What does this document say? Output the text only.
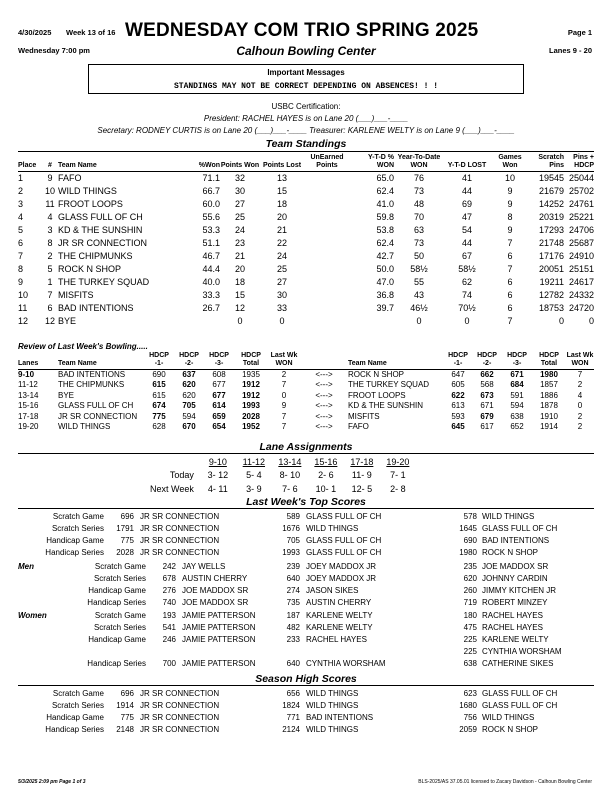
4/30/2025 Week 13 of 16 WEDNESDAY COM TRIO SPRING 2025	Page 1
Wednesday 7:00 pm	Calhoun Bowling Center	Lanes 9 - 20
Important Messages
STANDINGS MAY NOT BE CORRECT DEPENDING ON ABSENCES! ! !
USBC Certification:
President: RACHEL HAYES is on Lane 20 (___)___-____
Secretary: RODNEY CURTIS is on Lane 20 (___)___-____ Treasurer: KARLENE WELTY is on Lane 9 (___)___-____
Team Standings
Place	#	Team Name	%Won	Points Won	Points Lost	UnEarned Points	Y-T-D % WON	Year-To-Date WON	Y-T-D LOST	Games Won	Scratch Pins	Pins + HDCP
1	9	FAFO	71.1	32	13		65.0	76	41	10	19545	25044
2	10	WILD THINGS	66.7	30	15		62.4	73	44	9	21679	25702
3	11	FROOT LOOPS	60.0	27	18		41.0	48	69	9	14252	24761
4	4	GLASS FULL OF CH	55.6	25	20		59.8	70	47	8	20319	25221
5	3	KD & THE SUNSHIN	53.3	24	21		53.8	63	54	9	17293	24706
6	8	JR SR CONNECTION	51.1	23	22		62.4	73	44	7	21748	25687
7	2	THE CHIPMUNKS	46.7	21	24		42.7	50	67	6	17176	24910
8	5	ROCK N SHOP	44.4	20	25		50.0	58½	58½	7	20051	25151
9	1	THE TURKEY SQUAD	40.0	18	27		47.0	55	62	6	19211	24617
10	7	MISFITS	33.3	15	30		36.8	43	74	6	12782	24332
11	6	BAD INTENTIONS	26.7	12	33		39.7	46½	70½	6	18753	24720
12	12	BYE		0	0			0	0	7	0	0
Review of Last Week's Bowling.....
Lanes	Team Name	HDCP -1-	HDCP -2-	HDCP -3-	HDCP Total	Last Wk WON		Team Name	HDCP -1-	HDCP -2-	HDCP -3-	HDCP Total	Last Wk WON
9-10	BAD INTENTIONS	690	637	608	1935	2	<--->	ROCK N SHOP	647	662	671	1980	7
11-12	THE CHIPMUNKS	615	620	677	1912	7	<--->	THE TURKEY SQUAD	605	568	684	1857	2
13-14	BYE	615	620	677	1912	0	<--->	FROOT LOOPS	622	673	591	1886	4
15-16	GLASS FULL OF CH	674	705	614	1993	9	<--->	KD & THE SUNSHIN	613	671	594	1878	0
17-18	JR SR CONNECTION	775	594	659	2028	7	<--->	MISFITS	593	679	638	1910	2
19-20	WILD THINGS	628	670	654	1952	7	<--->	FAFO	645	617	652	1914	2
Lane Assignments
	9-10	11-12	13-14	15-16	17-18	19-20
Today	3- 12	5- 4	8- 10	2- 6	11- 9	7- 1
Next Week	4- 11	3- 9	7- 6	10- 1	12- 5	2- 8
Last Week's Top Scores
Scratch Game 696 JR SR CONNECTION	589 GLASS FULL OF CH	578 WILD THINGS
Scratch Series 1791 JR SR CONNECTION	1676 WILD THINGS	1645 GLASS FULL OF CH
Handicap Game 775 JR SR CONNECTION	705 GLASS FULL OF CH	690 BAD INTENTIONS
Handicap Series 2028 JR SR CONNECTION	1993 GLASS FULL OF CH	1980 ROCK N SHOP
Men	Scratch Game 242 JAY WELLS	239 JOEY MADDOX JR	235 JOE MADDOX SR
Scratch Series 678 AUSTIN CHERRY	640 JOEY MADDOX JR	620 JOHNNY CARDIN
Handicap Game 276 JOE MADDOX SR	274 JASON SIKES	260 JIMMY KITCHEN JR
Handicap Series 740 JOE MADDOX SR	735 AUSTIN CHERRY	719 ROBERT MINZEY
Women	Scratch Game 193 JAMIE PATTERSON	187 KARLENE WELTY	180 RACHEL HAYES
Scratch Series 541 JAMIE PATTERSON	482 KARLENE WELTY	475 RACHEL HAYES
Handicap Game 246 JAMIE PATTERSON	233 RACHEL HAYES	225 KARLENE WELTY
225 CYNTHIA WORSHAM
Handicap Series 700 JAMIE PATTERSON	640 CYNTHIA WORSHAM	638 CATHERINE SIKES
Season High Scores
Scratch Game 696 JR SR CONNECTION	656 WILD THINGS	623 GLASS FULL OF CH
Scratch Series 1914 JR SR CONNECTION	1824 WILD THINGS	1680 GLASS FULL OF CH
Handicap Game 775 JR SR CONNECTION	771 BAD INTENTIONS	756 WILD THINGS
Handicap Series 2148 JR SR CONNECTION	2124 WILD THINGS	2059 ROCK N SHOP
5/3/2025 2:09 pm Page 1 of 3	BLS-2025/AS 37.05.01 licensed to Zacary Davidson - Calhoun Bowling Center
